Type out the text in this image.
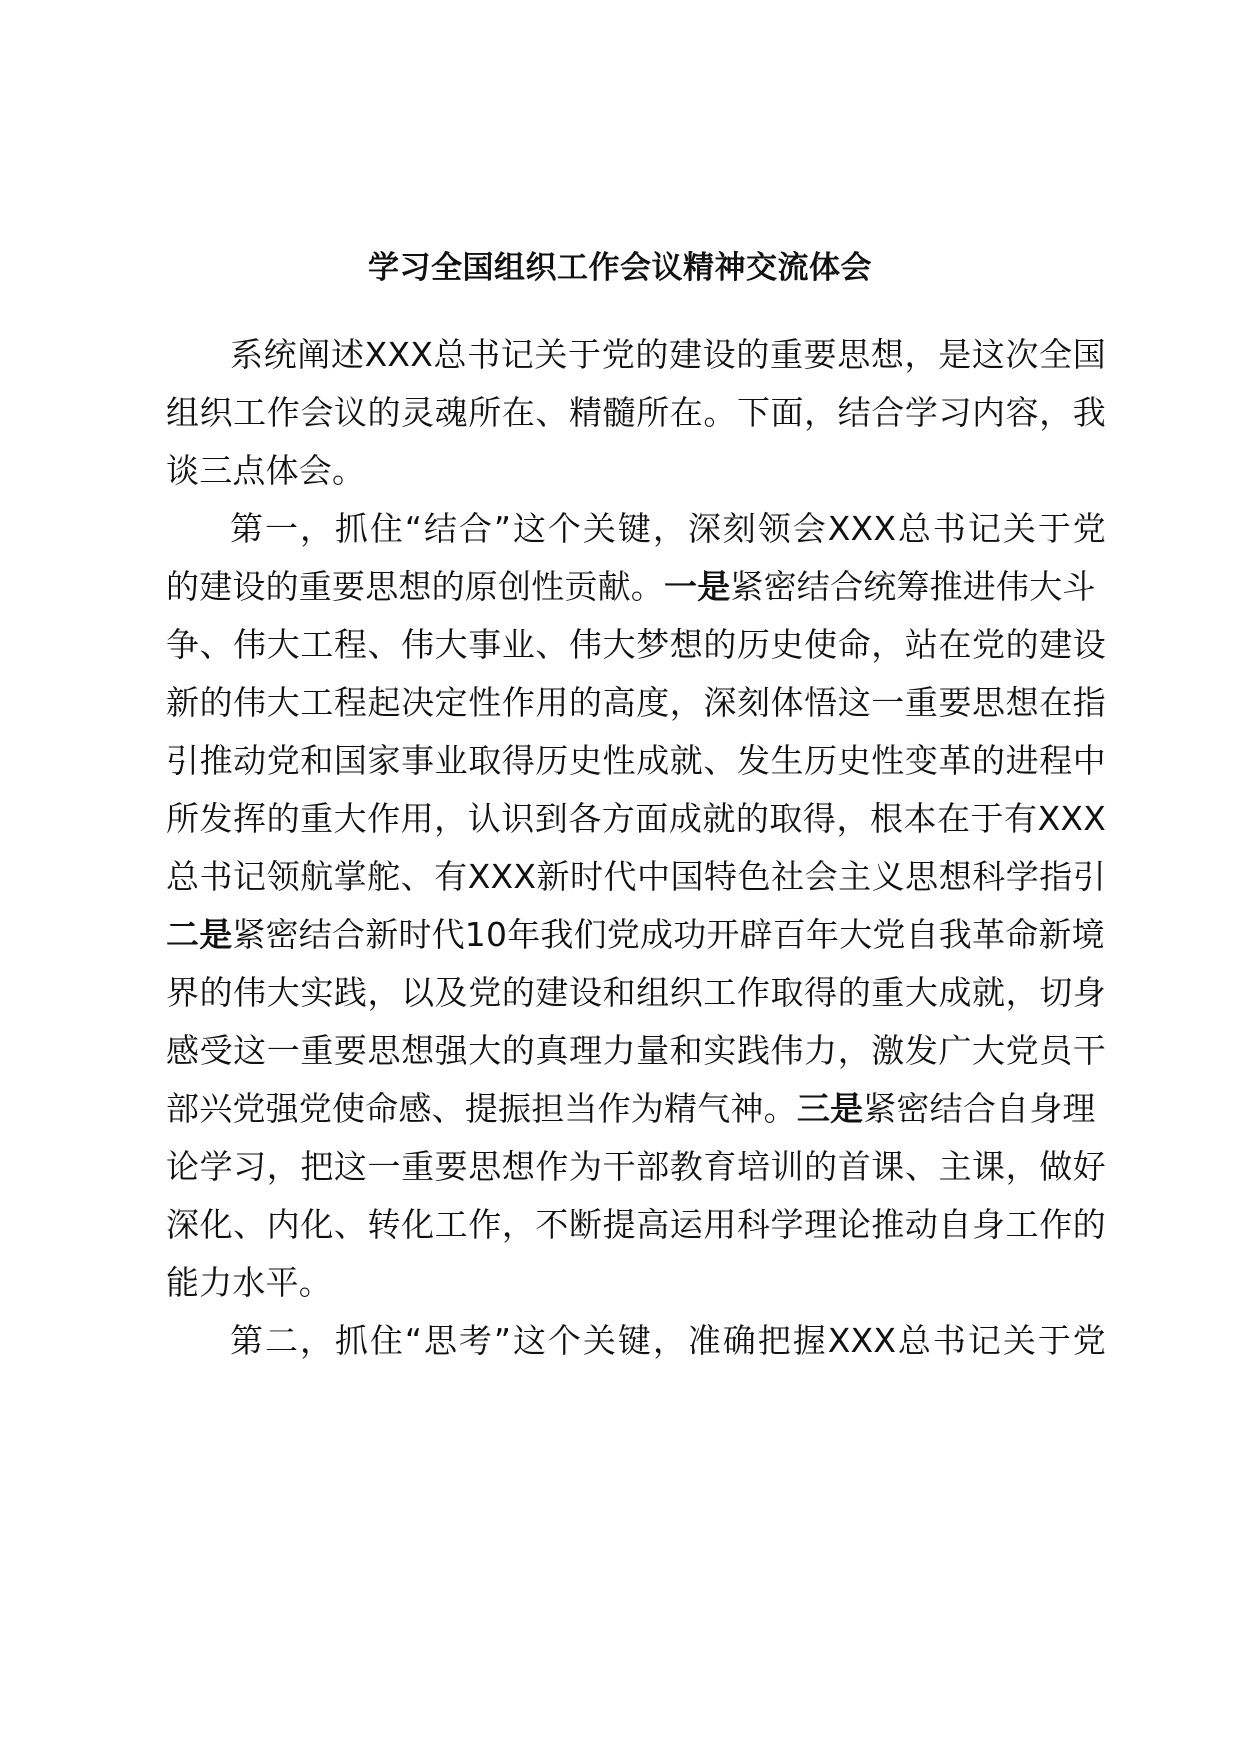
学习全国组织工作会议精神交流体会
系统阐述XXX总书记关于党的建设的重要思想，是这次全国
组织工作会议的灵魂所在、精髓所在。下面，结合学习内容，我
谈三点体会。
第一，抓住“结合”这个关键，深刻领会XXX总书记关于党
的建设的重要思想的原创性贡献。一是紧密结合统筹推进伟大斗
争、伟大工程、伟大事业、伟大梦想的历史使命，站在党的建设
新的伟大工程起决定性作用的高度，深刻体悟这一重要思想在指
引推动党和国家事业取得历史性成就、发生历史性变革的进程中
所发挥的重大作用，认识到各方面成就的取得，根本在于有XXX
总书记领航掌舵、有XXX新时代中国特色社会主义思想科学指引
二是紧密结合新时代10年我们党成功开辟百年大党自我革命新境
界的伟大实践，以及党的建设和组织工作取得的重大成就，切身
感受这一重要思想强大的真理力量和实践伟力，激发广大党员干
部兴党强党使命感、提振担当作为精气神。三是紧密结合自身理
论学习，把这一重要思想作为干部教育培训的首课、主课，做好
深化、内化、转化工作，不断提高运用科学理论推动自身工作的
能力水平。
第二，抓住“思考”这个关键，准确把握XXX总书记关于党
